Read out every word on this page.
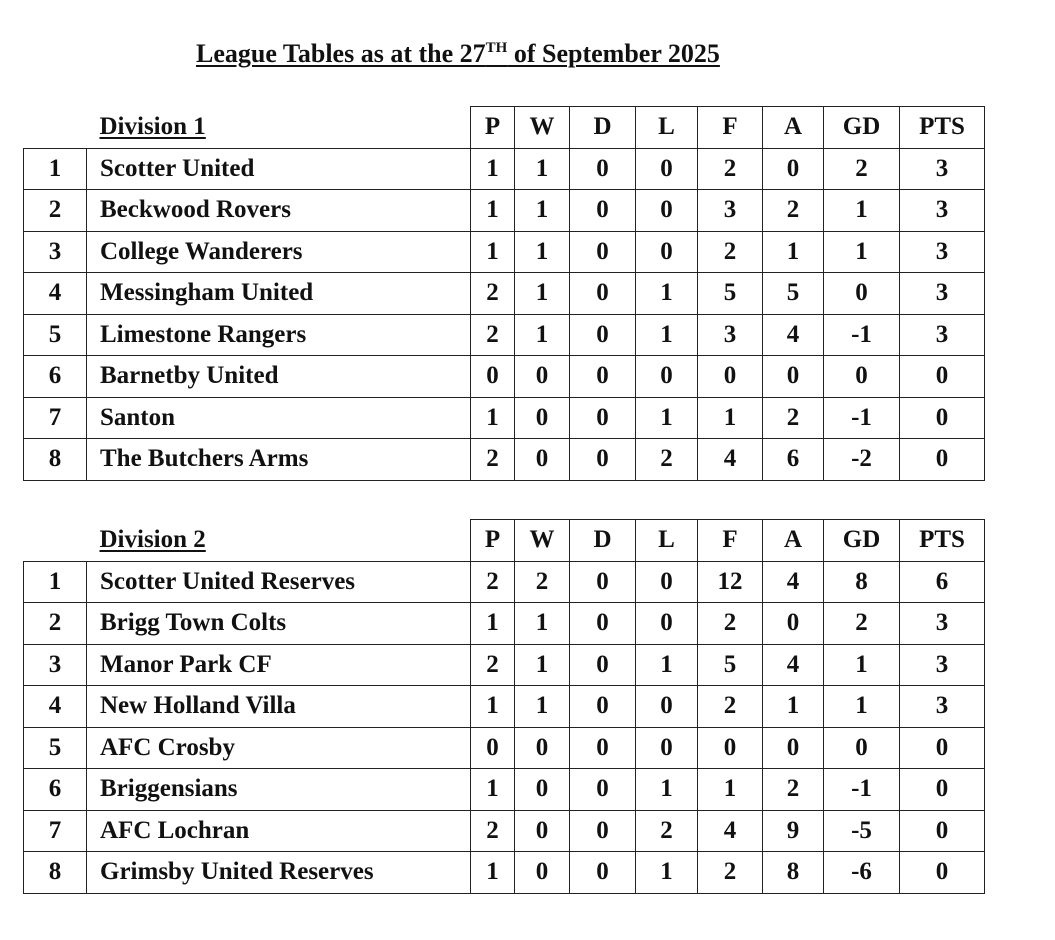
League Tables as at the 27TH of September 2025
	Division 1	P	W	D	L	F	A	GD	PTS
1	Scotter United	1	1	0	0	2	0	2	3
2	Beckwood Rovers	1	1	0	0	3	2	1	3
3	College Wanderers	1	1	0	0	2	1	1	3
4	Messingham United	2	1	0	1	5	5	0	3
5	Limestone Rangers	2	1	0	1	3	4	-1	3
6	Barnetby United	0	0	0	0	0	0	0	0
7	Santon	1	0	0	1	1	2	-1	0
8	The Butchers Arms	2	0	0	2	4	6	-2	0
	Division 2	P	W	D	L	F	A	GD	PTS
1	Scotter United Reserves	2	2	0	0	12	4	8	6
2	Brigg Town Colts	1	1	0	0	2	0	2	3
3	Manor Park CF	2	1	0	1	5	4	1	3
4	New Holland Villa	1	1	0	0	2	1	1	3
5	AFC Crosby	0	0	0	0	0	0	0	0
6	Briggensians	1	0	0	1	1	2	-1	0
7	AFC Lochran	2	0	0	2	4	9	-5	0
8	Grimsby United Reserves	1	0	0	1	2	8	-6	0
